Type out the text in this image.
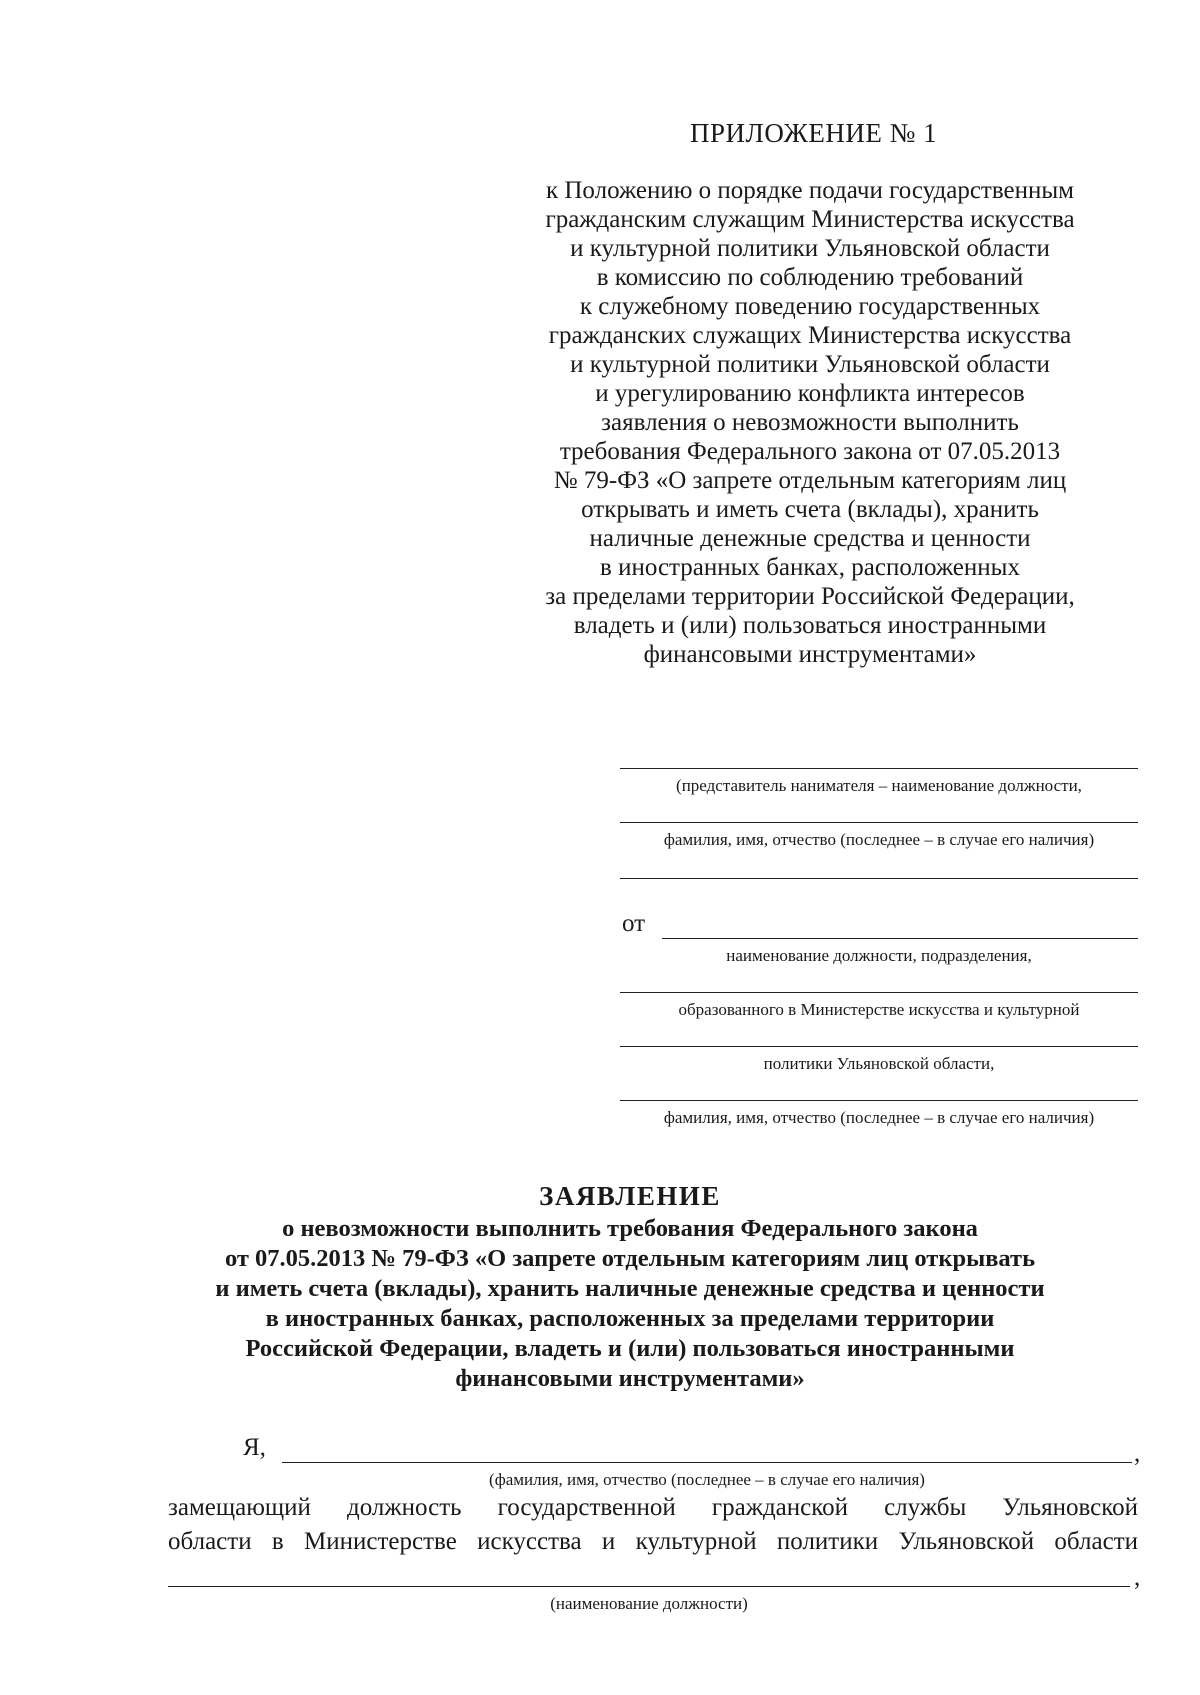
ПРИЛОЖЕНИЕ № 1
к Положению о порядке подачи государственным
гражданским служащим Министерства искусства
и культурной политики Ульяновской области
в комиссию по соблюдению требований
к служебному поведению государственных
гражданских служащих Министерства искусства
и культурной политики Ульяновской области
и урегулированию конфликта интересов
заявления о невозможности выполнить
требования Федерального закона от 07.05.2013
№ 79-ФЗ «О запрете отдельным категориям лиц
открывать и иметь счета (вклады), хранить
наличные денежные средства и ценности
в иностранных банках, расположенных
за пределами территории Российской Федерации,
владеть и (или) пользоваться иностранными
финансовыми инструментами»
(представитель нанимателя – наименование должности,
фамилия, имя, отчество (последнее – в случае его наличия)
от
наименование должности, подразделения,
образованного в Министерстве искусства и культурной
политики Ульяновской области,
фамилия, имя, отчество (последнее – в случае его наличия)
ЗАЯВЛЕНИЕ
о невозможности выполнить требования Федерального закона
от 07.05.2013 № 79-ФЗ «О запрете отдельным категориям лиц открывать
и иметь счета (вклады), хранить наличные денежные средства и ценности
в иностранных банках, расположенных за пределами территории
Российской Федерации, владеть и (или) пользоваться иностранными
финансовыми инструментами»
Я,	,
(фамилия, имя, отчество (последнее – в случае его наличия)
замещающий должность государственной гражданской службы Ульяновской
области в Министерстве искусства и культурной политики Ульяновской области
,
(наименование должности)
